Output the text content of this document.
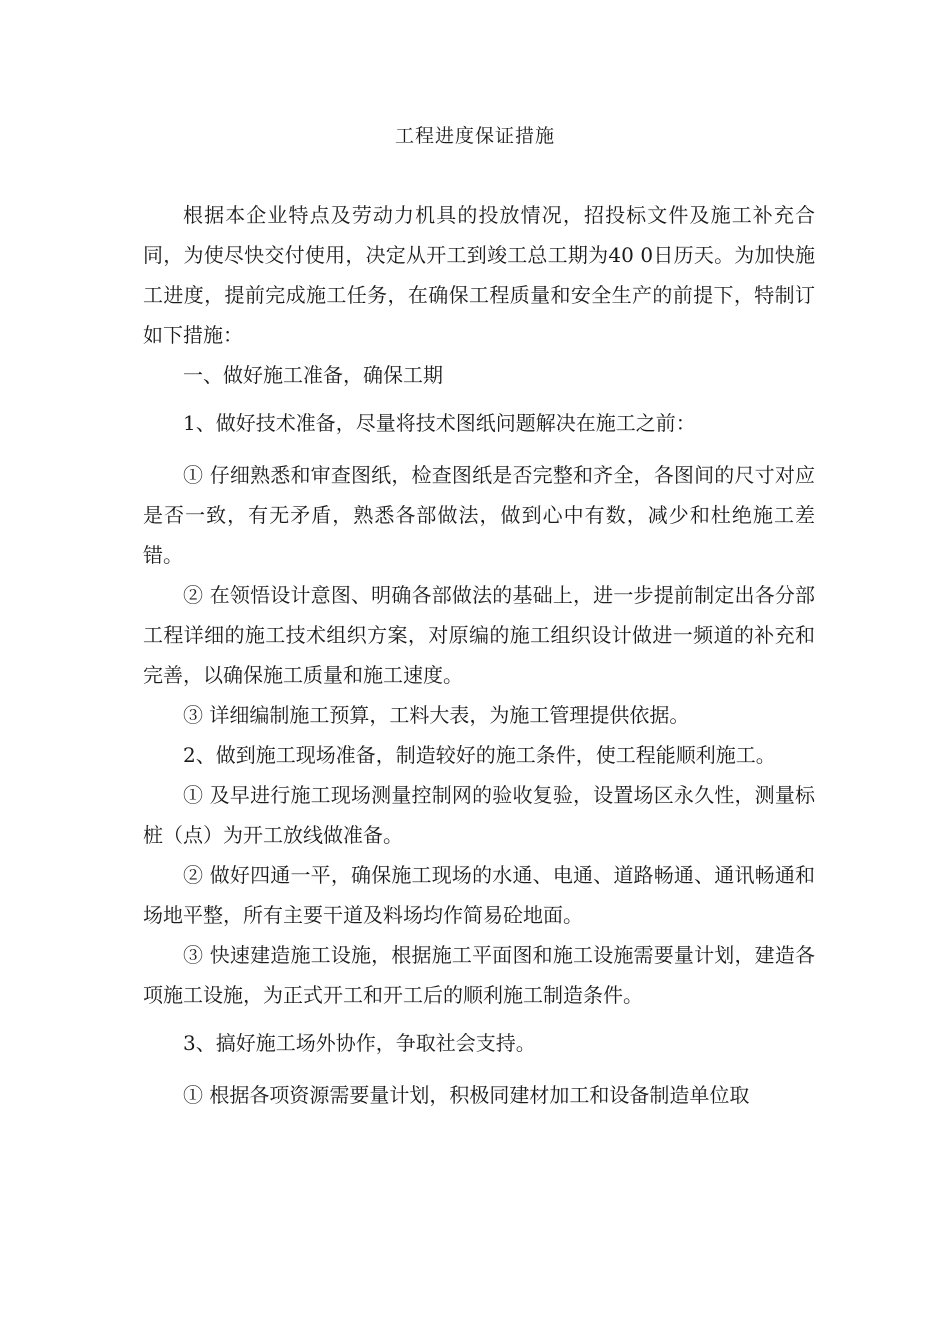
工程进度保证措施

根据本企业特点及劳动力机具的投放情况，招投标文件及施工补充合同，为使尽快交付使用，决定从开工到竣工总工期为40 0日历天。为加快施工进度，提前完成施工任务，在确保工程质量和安全生产的前提下，特制订如下措施：

一、做好施工准备，确保工期

1、做好技术准备，尽量将技术图纸问题解决在施工之前：

① 仔细熟悉和审查图纸，检查图纸是否完整和齐全，各图间的尺寸对应是否一致，有无矛盾，熟悉各部做法，做到心中有数，减少和杜绝施工差错。

② 在领悟设计意图、明确各部做法的基础上，进一步提前制定出各分部工程详细的施工技术组织方案，对原编的施工组织设计做进一频道的补充和完善，以确保施工质量和施工速度。

③ 详细编制施工预算，工料大表，为施工管理提供依据。

2、做到施工现场准备，制造较好的施工条件，使工程能顺利施工。

① 及早进行施工现场测量控制网的验收复验，设置场区永久性，测量标桩（点）为开工放线做准备。

② 做好四通一平，确保施工现场的水通、电通、道路畅通、通讯畅通和场地平整，所有主要干道及料场均作简易砼地面。

③ 快速建造施工设施，根据施工平面图和施工设施需要量计划，建造各项施工设施，为正式开工和开工后的顺利施工制造条件。

3、搞好施工场外协作，争取社会支持。

① 根据各项资源需要量计划，积极同建材加工和设备制造单位取
